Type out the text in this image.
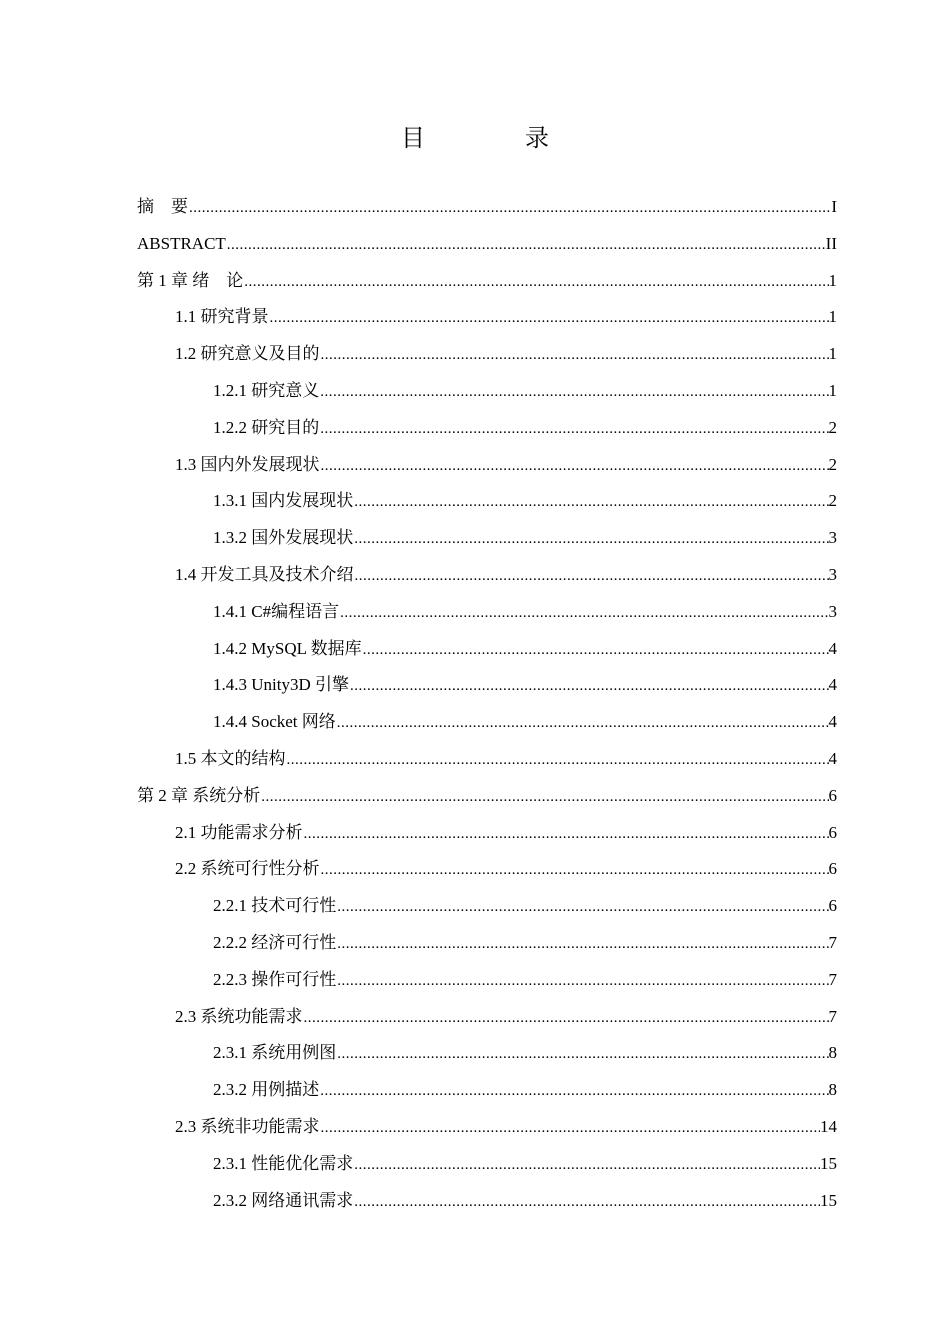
目　录
摘　要 .....	I
ABSTRACT .....	II
第 1 章 绪　论 .....	1
1.1 研究背景 .....	1
1.2 研究意义及目的 .....	1
1.2.1 研究意义 .....	1
1.2.2 研究目的 .....	2
1.3 国内外发展现状 .....	2
1.3.1 国内发展现状 .....	2
1.3.2 国外发展现状 .....	3
1.4 开发工具及技术介绍 .....	3
1.4.1 C#编程语言 .....	3
1.4.2 MySQL 数据库 .....	4
1.4.3 Unity3D 引擎 .....	4
1.4.4 Socket 网络 .....	4
1.5 本文的结构 .....	4
第 2 章 系统分析 .....	6
2.1 功能需求分析 .....	6
2.2 系统可行性分析 .....	6
2.2.1 技术可行性 .....	6
2.2.2 经济可行性 .....	7
2.2.3 操作可行性 .....	7
2.3 系统功能需求 .....	7
2.3.1 系统用例图 .....	8
2.3.2 用例描述 .....	8
2.3 系统非功能需求 .....	14
2.3.1 性能优化需求 .....	15
2.3.2 网络通讯需求 .....	15
